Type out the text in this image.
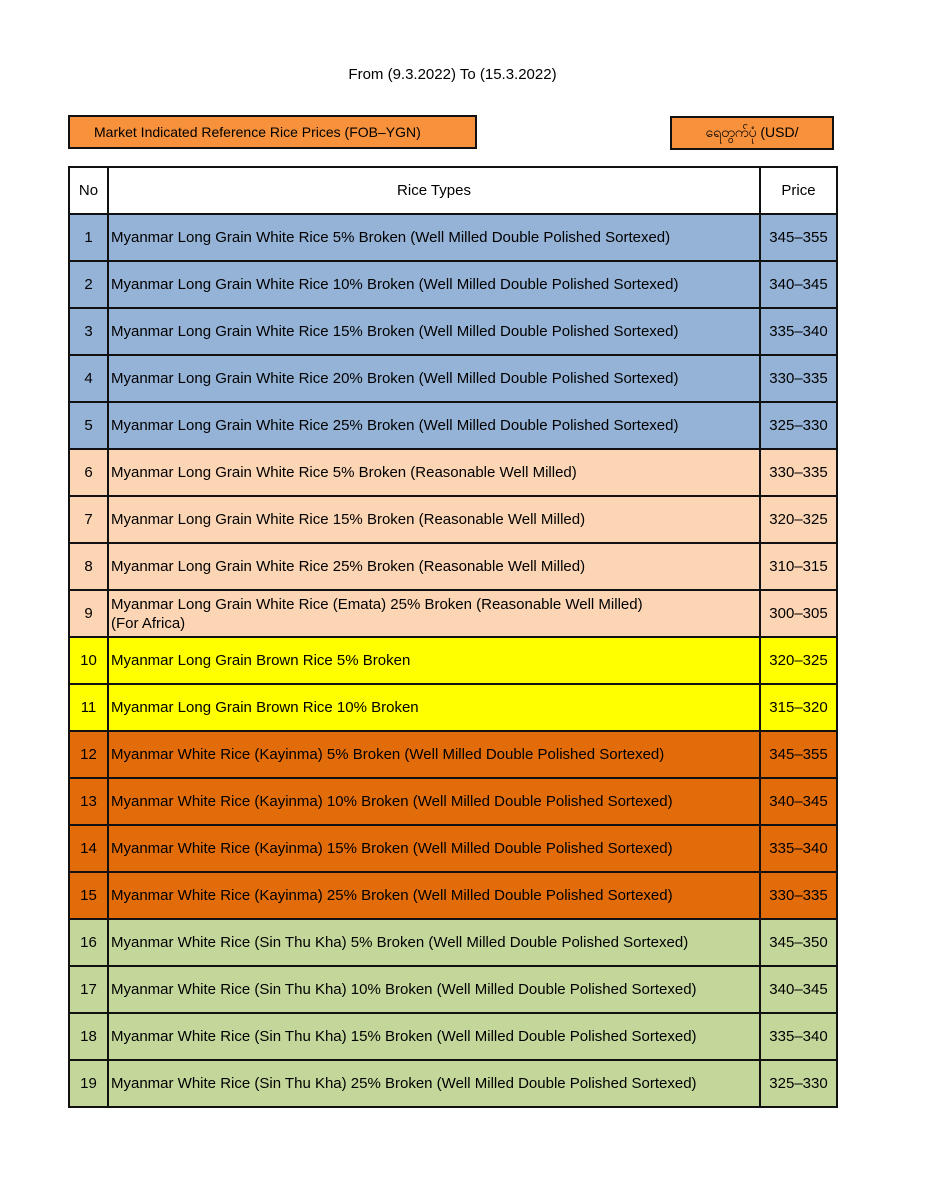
From (9.3.2022) To (15.3.2022)
Market Indicated Reference Rice Prices (FOB–YGN)	ရေတွက်ပုံ (USD/
No	Rice Types	Price
1	Myanmar Long Grain White Rice 5% Broken (Well Milled Double Polished Sortexed)	345–355
2	Myanmar Long Grain White Rice 10% Broken (Well Milled Double Polished Sortexed)	340–345
3	Myanmar Long Grain White Rice 15% Broken (Well Milled Double Polished Sortexed)	335–340
4	Myanmar Long Grain White Rice 20% Broken (Well Milled Double Polished Sortexed)	330–335
5	Myanmar Long Grain White Rice 25% Broken (Well Milled Double Polished Sortexed)	325–330
6	Myanmar Long Grain White Rice 5% Broken (Reasonable Well Milled)	330–335
7	Myanmar Long Grain White Rice 15% Broken (Reasonable Well Milled)	320–325
8	Myanmar Long Grain White Rice 25% Broken (Reasonable Well Milled)	310–315
9	Myanmar Long Grain White Rice (Emata) 25% Broken (Reasonable Well Milled)
(For Africa)	300–305
10	Myanmar Long Grain Brown Rice 5% Broken	320–325
11	Myanmar Long Grain Brown Rice 10% Broken	315–320
12	Myanmar White Rice (Kayinma) 5% Broken (Well Milled Double Polished Sortexed)	345–355
13	Myanmar White Rice (Kayinma) 10% Broken (Well Milled Double Polished Sortexed)	340–345
14	Myanmar White Rice (Kayinma) 15% Broken (Well Milled Double Polished Sortexed)	335–340
15	Myanmar White Rice (Kayinma) 25% Broken (Well Milled Double Polished Sortexed)	330–335
16	Myanmar White Rice (Sin Thu Kha) 5% Broken (Well Milled Double Polished Sortexed)	345–350
17	Myanmar White Rice (Sin Thu Kha) 10% Broken (Well Milled Double Polished Sortexed)	340–345
18	Myanmar White Rice (Sin Thu Kha) 15% Broken (Well Milled Double Polished Sortexed)	335–340
19	Myanmar White Rice (Sin Thu Kha) 25% Broken (Well Milled Double Polished Sortexed)	325–330
